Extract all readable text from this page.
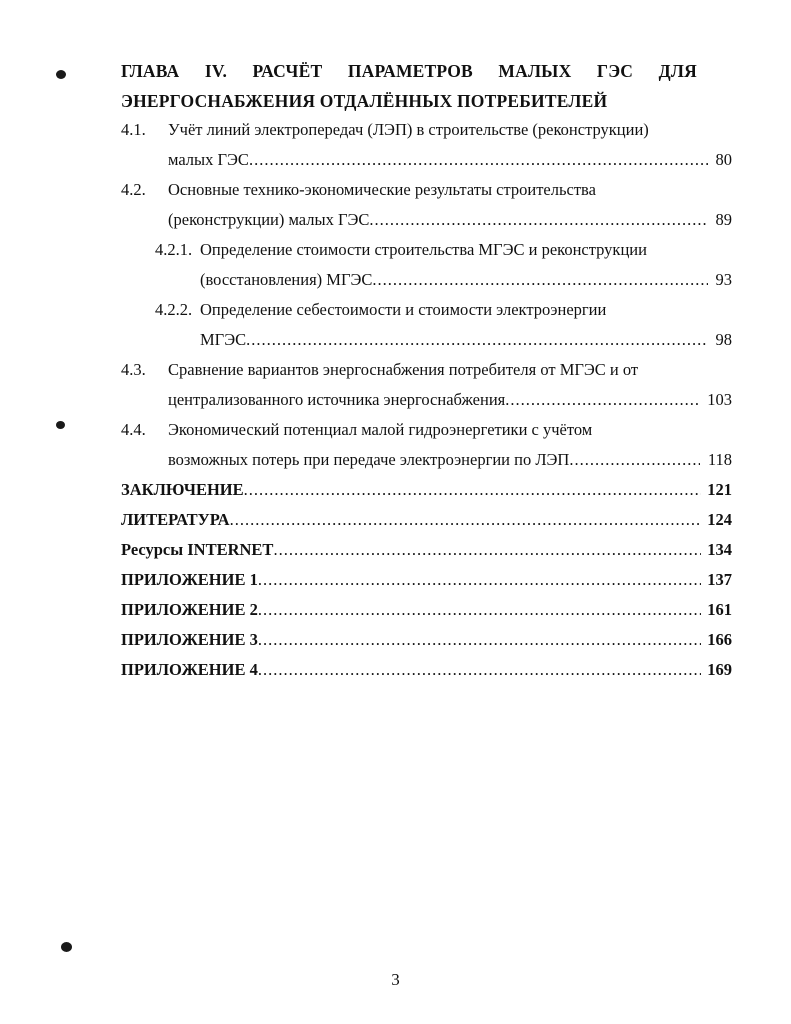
ГЛАВА IV. РАСЧЁТ ПАРАМЕТРОВ МАЛЫХ ГЭС ДЛЯ
ЭНЕРГОСНАБЖЕНИЯ ОТДАЛЁННЫХ ПОТРЕБИТЕЛЕЙ
4.1. Учёт линий электропередач (ЛЭП) в строительстве (реконструкции)
малых ГЭС .....	80
4.2. Основные технико-экономические результаты строительства
(реконструкции) малых ГЭС .....	89
4.2.1. Определение стоимости строительства МГЭС и реконструкции
(восстановления) МГЭС .....	93
4.2.2. Определение себестоимости и стоимости электроэнергии
МГЭС .....	98
4.3. Сравнение вариантов энергоснабжения потребителя от МГЭС и от
централизованного источника энергоснабжения .....	103
4.4. Экономический потенциал малой гидроэнергетики с учётом
возможных потерь при передаче электроэнергии по ЛЭП .....	118
ЗАКЛЮЧЕНИЕ .....	121
ЛИТЕРАТУРА .....	124
Ресурсы INTERNET .....	134
ПРИЛОЖЕНИЕ 1 .....	137
ПРИЛОЖЕНИЕ 2 .....	161
ПРИЛОЖЕНИЕ 3 .....	166
ПРИЛОЖЕНИЕ 4 .....	169
3
